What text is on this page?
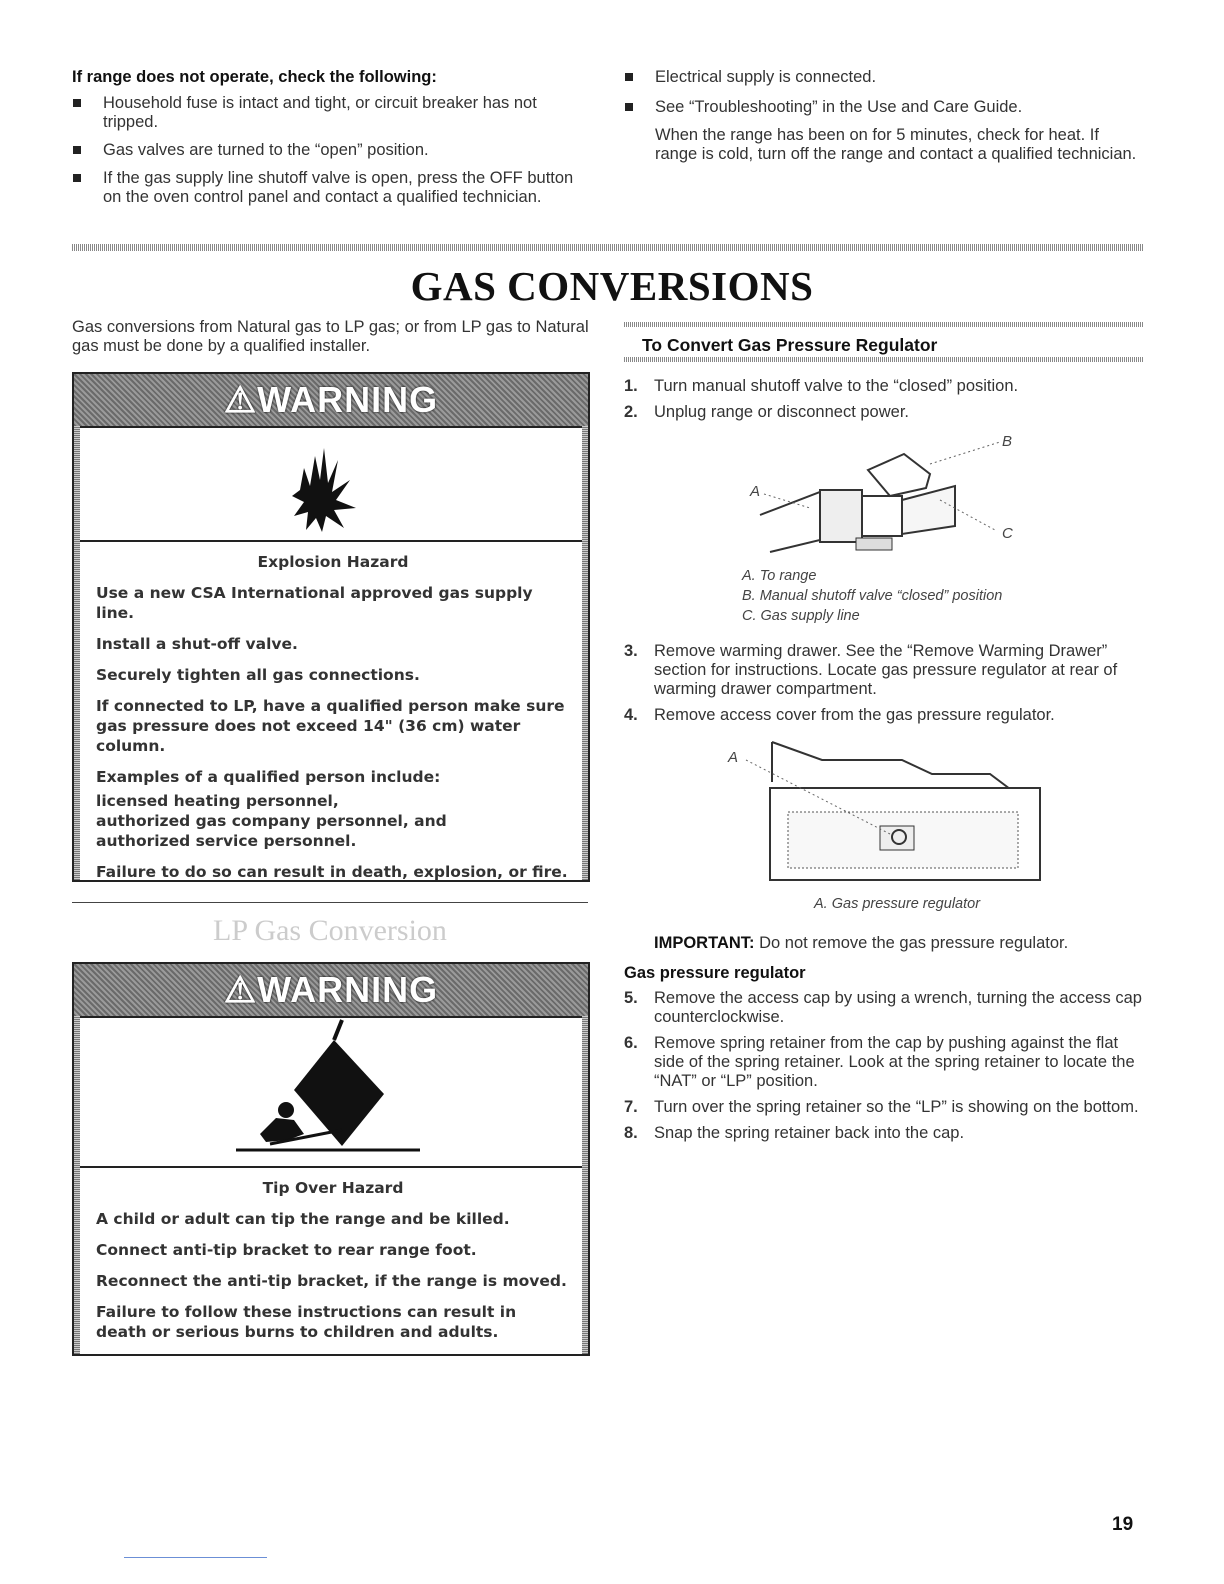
If range does not operate, check the following:
Household fuse is intact and tight, or circuit breaker has not tripped.
Gas valves are turned to the “open” position.
If the gas supply line shutoff valve is open, press the OFF button on the oven control panel and contact a qualified technician.
Electrical supply is connected.
See “Troubleshooting” in the Use and Care Guide.
When the range has been on for 5 minutes, check for heat. If range is cold, turn off the range and contact a qualified technician.
GAS CONVERSIONS
Gas conversions from Natural gas to LP gas; or from LP gas to Natural gas must be done by a qualified installer.
⚠WARNING

Explosion Hazard

Use a new CSA International approved gas supply line.

Install a shut-off valve.

Securely tighten all gas connections.

If connected to LP, have a qualified person make sure gas pressure does not exceed 14" (36 cm) water column.

Examples of a qualified person include:

licensed heating personnel,
authorized gas company personnel, and
authorized service personnel.

Failure to do so can result in death, explosion, or fire.

LP Gas Conversion
⚠WARNING

Tip Over Hazard

A child or adult can tip the range and be killed.

Connect anti-tip bracket to rear range foot.

Reconnect the anti-tip bracket, if the range is moved.

Failure to follow these instructions can result in death or serious burns to children and adults.

To Convert Gas Pressure Regulator
1. Turn manual shutoff valve to the “closed” position.
2. Unplug range or disconnect power.
A
B
C
A. To range
B. Manual shutoff valve “closed” position
C. Gas supply line
3. Remove warming drawer. See the “Remove Warming Drawer” section for instructions. Locate gas pressure regulator at rear of warming drawer compartment.
4. Remove access cover from the gas pressure regulator.
A
A. Gas pressure regulator
IMPORTANT: Do not remove the gas pressure regulator.
Gas pressure regulator
5. Remove the access cap by using a wrench, turning the access cap counterclockwise.
6. Remove spring retainer from the cap by pushing against the flat side of the spring retainer. Look at the spring retainer to locate the “NAT” or “LP” position.
7. Turn over the spring retainer so the “LP” is showing on the bottom.
8. Snap the spring retainer back into the cap.
19
